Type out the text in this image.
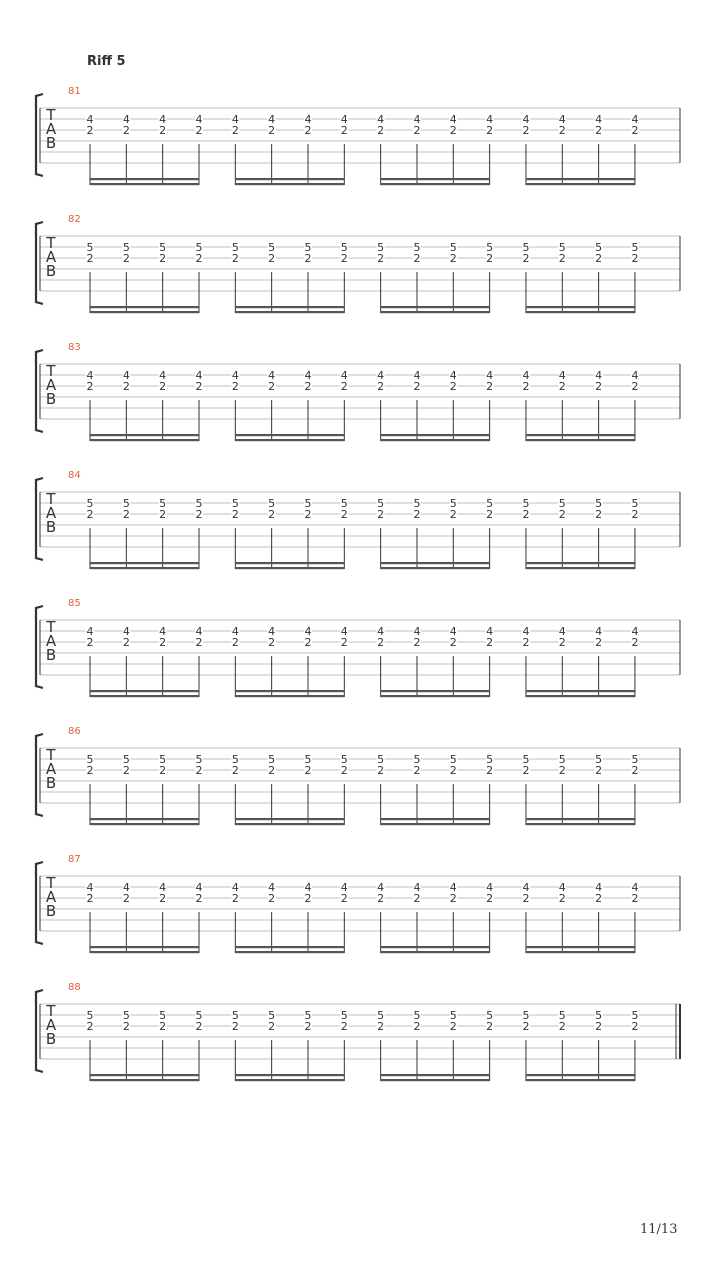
Riff 5
81
T
A
B
4
2
4
2
4
2
4
2
4
2
4
2
4
2
4
2
4
2
4
2
4
2
4
2
4
2
4
2
4
2
4
2
82
T
A
B
5
2
5
2
5
2
5
2
5
2
5
2
5
2
5
2
5
2
5
2
5
2
5
2
5
2
5
2
5
2
5
2
83
T
A
B
4
2
4
2
4
2
4
2
4
2
4
2
4
2
4
2
4
2
4
2
4
2
4
2
4
2
4
2
4
2
4
2
84
T
A
B
5
2
5
2
5
2
5
2
5
2
5
2
5
2
5
2
5
2
5
2
5
2
5
2
5
2
5
2
5
2
5
2
85
T
A
B
4
2
4
2
4
2
4
2
4
2
4
2
4
2
4
2
4
2
4
2
4
2
4
2
4
2
4
2
4
2
4
2
86
T
A
B
5
2
5
2
5
2
5
2
5
2
5
2
5
2
5
2
5
2
5
2
5
2
5
2
5
2
5
2
5
2
5
2
87
T
A
B
4
2
4
2
4
2
4
2
4
2
4
2
4
2
4
2
4
2
4
2
4
2
4
2
4
2
4
2
4
2
4
2
88
T
A
B
5
2
5
2
5
2
5
2
5
2
5
2
5
2
5
2
5
2
5
2
5
2
5
2
5
2
5
2
5
2
5
2
11/13
